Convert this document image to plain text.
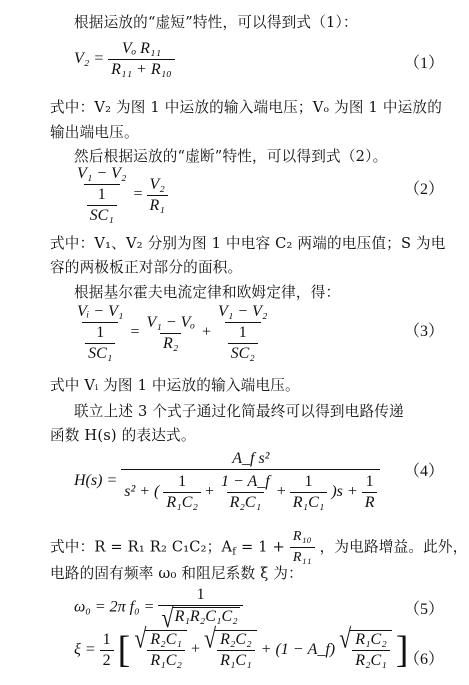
根据运放的“虚短”特性，可以得到式（1）：
$V_2 = \frac{\text{Vₒ R₁₁}}{\text{R₁₁ + R₁₀}}$	（1）
式中：V₂ 为图 1 中运放的输入端电压；Vₒ 为图 1 中运放的
输出端电压。
然后根据运放的“虚断”特性，可以得到式（2）。
$\frac{\text{V₁ − V₂}}{\frac{1}{\text{SC₁}}} = \frac{\text{V₂}}{\text{R₁}}$	（2）
式中：V₁、V₂ 分别为图 1 中电容 C₂ 两端的电压值；S 为电
容的两极板正对部分的面积。
根据基尔霍夫电流定律和欧姆定律，得：
$\frac{\text{Vᵢ − V₁}}{\frac{1}{\text{SC₁}}} = \frac{\text{V₁ − Vₒ}}{\text{R₂}} + \frac{\text{V₁ − V₂}}{\frac{1}{\text{SC₂}}}$	（3）
式中 Vᵢ 为图 1 中运放的输入端电压。
联立上述 3 个式子通过化简最终可以得到电路传递
函数 H(s) 的表达式。
H(s) =
A_f s²
s² + ( $\frac{1}{\text{R₁C₂}} + \frac{1 - A\_f}{\text{R₂C₁}} + \frac{1}{\text{R₁C₁}} )s + \frac{1}{R}$
（4）
式中：R = R₁ R₂ C₁C₂；$A_f = 1 + \frac{\text{R₁₀}}{\text{R₁₁}}$ ，为电路增益。此外，
电路的固有频率 ω₀ 和阻尼系数 ξ 为：
ω₀ = 2π $f_0 = \frac{1}{\text{√ R₁R₂C₁C₂}}$	（5）
$\xi = \frac{1}{2}$ [ √ $\frac{\text{R₂C₁}}{\text{R₁C₂}}$ + √ $\frac{\text{R₂C₂}}{\text{R₁C₁}} + (1$ − A_f) √ $\frac{\text{R₁C₂}}{\text{R₂C₁}}$ ]
（6）
